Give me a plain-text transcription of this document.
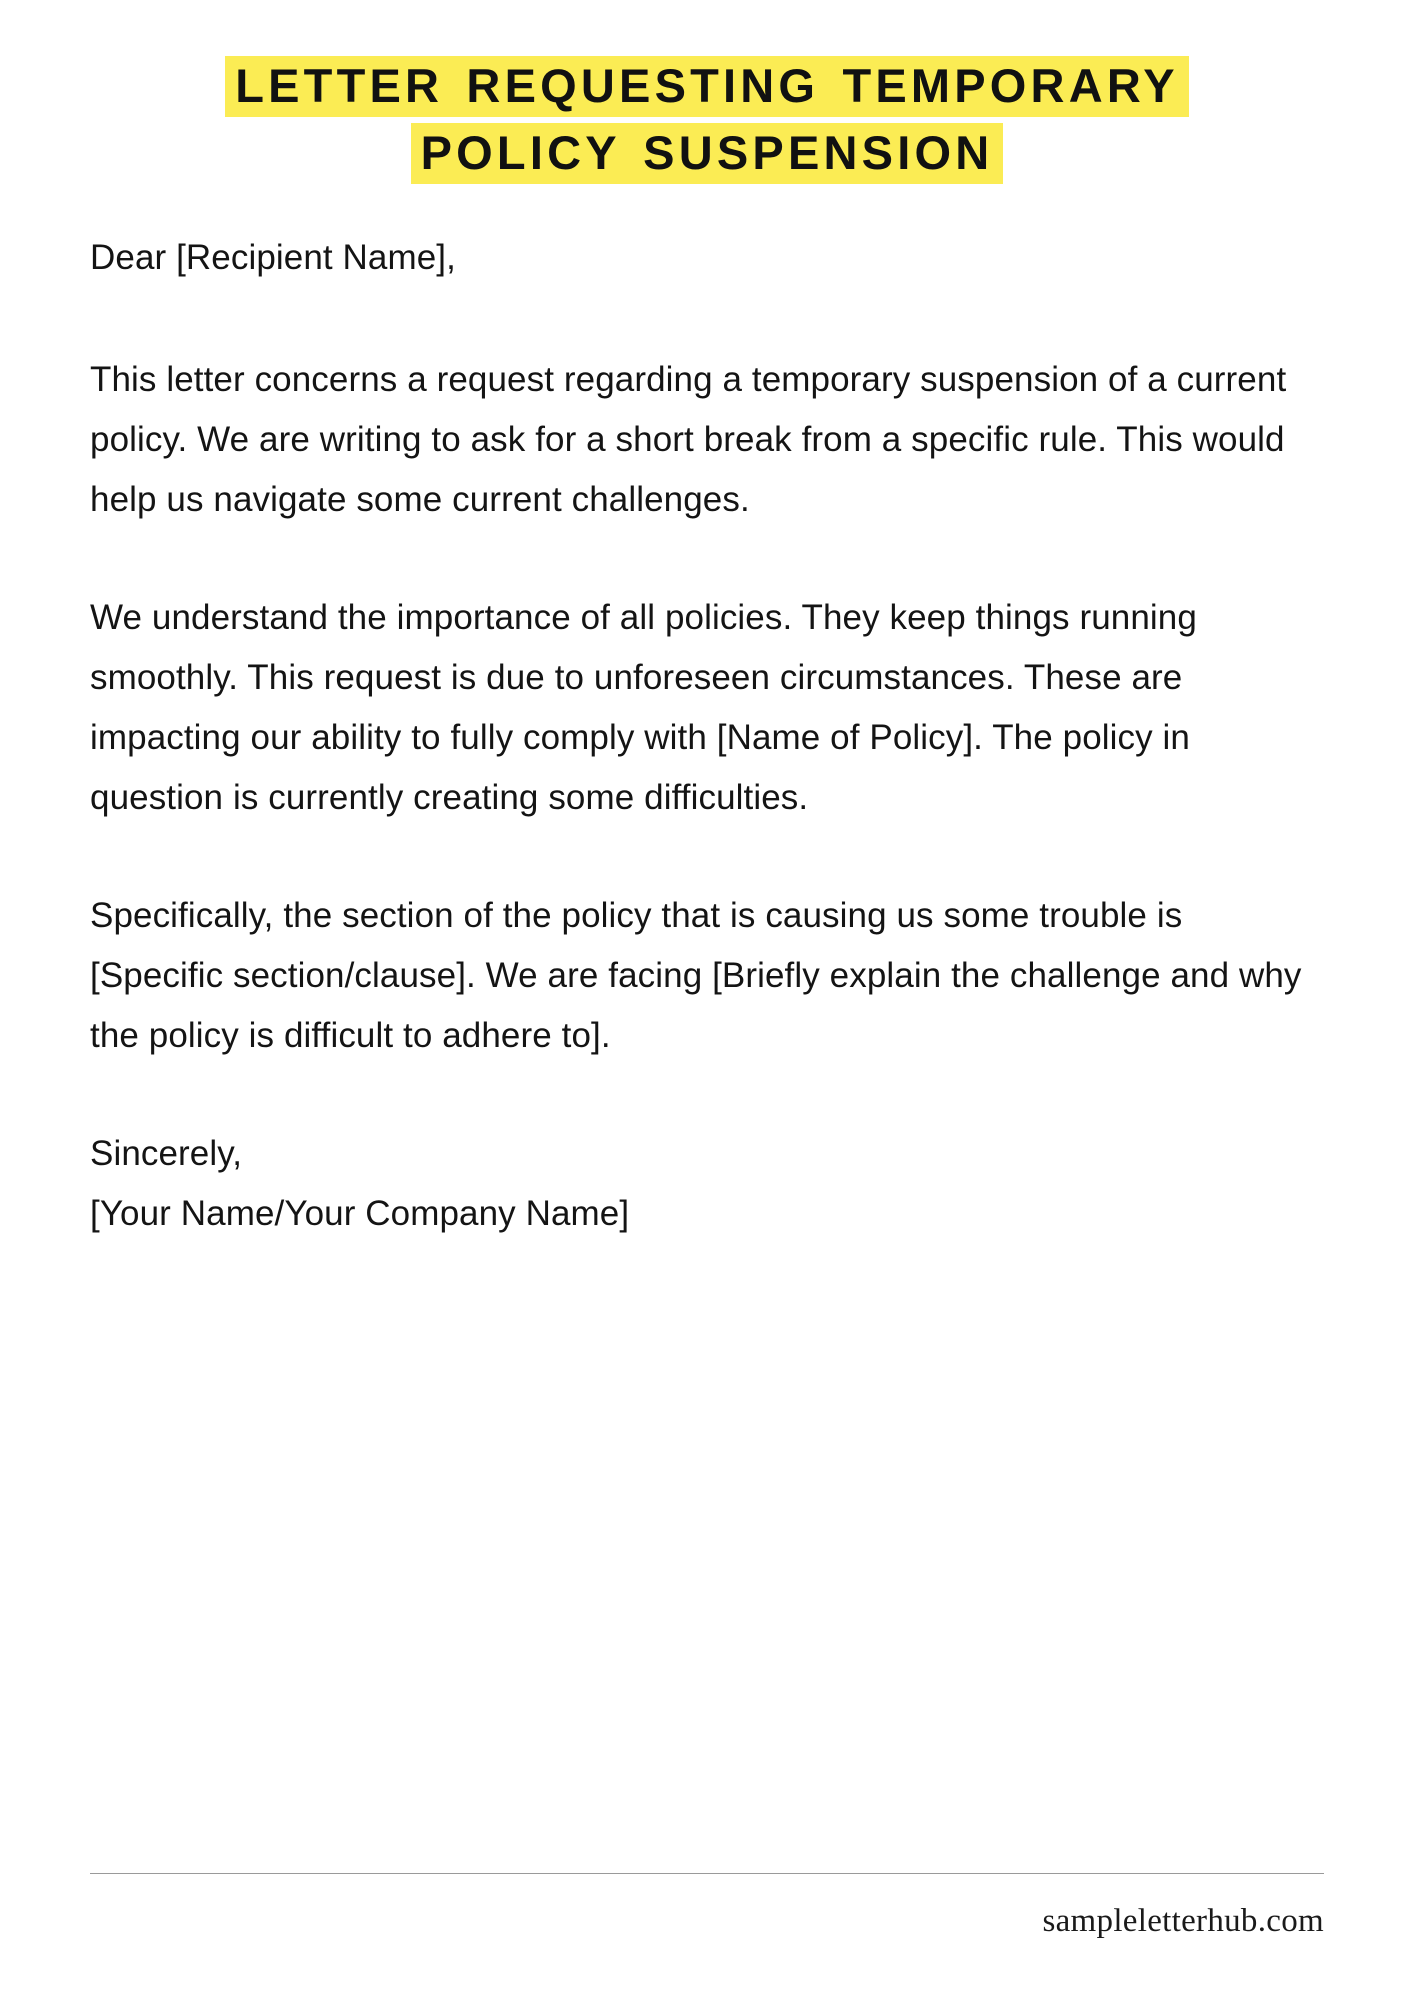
LETTER REQUESTING TEMPORARY
POLICY SUSPENSION

Dear [Recipient Name],

This letter concerns a request regarding a temporary suspension of a current policy. We are writing to ask for a short break from a specific rule. This would help us navigate some current challenges.

We understand the importance of all policies. They keep things running smoothly. This request is due to unforeseen circumstances. These are impacting our ability to fully comply with [Name of Policy]. The policy in question is currently creating some difficulties.

Specifically, the section of the policy that is causing us some trouble is [Specific section/clause]. We are facing [Briefly explain the challenge and why the policy is difficult to adhere to].

Sincerely,
[Your Name/Your Company Name]

sampleletterhub.com
